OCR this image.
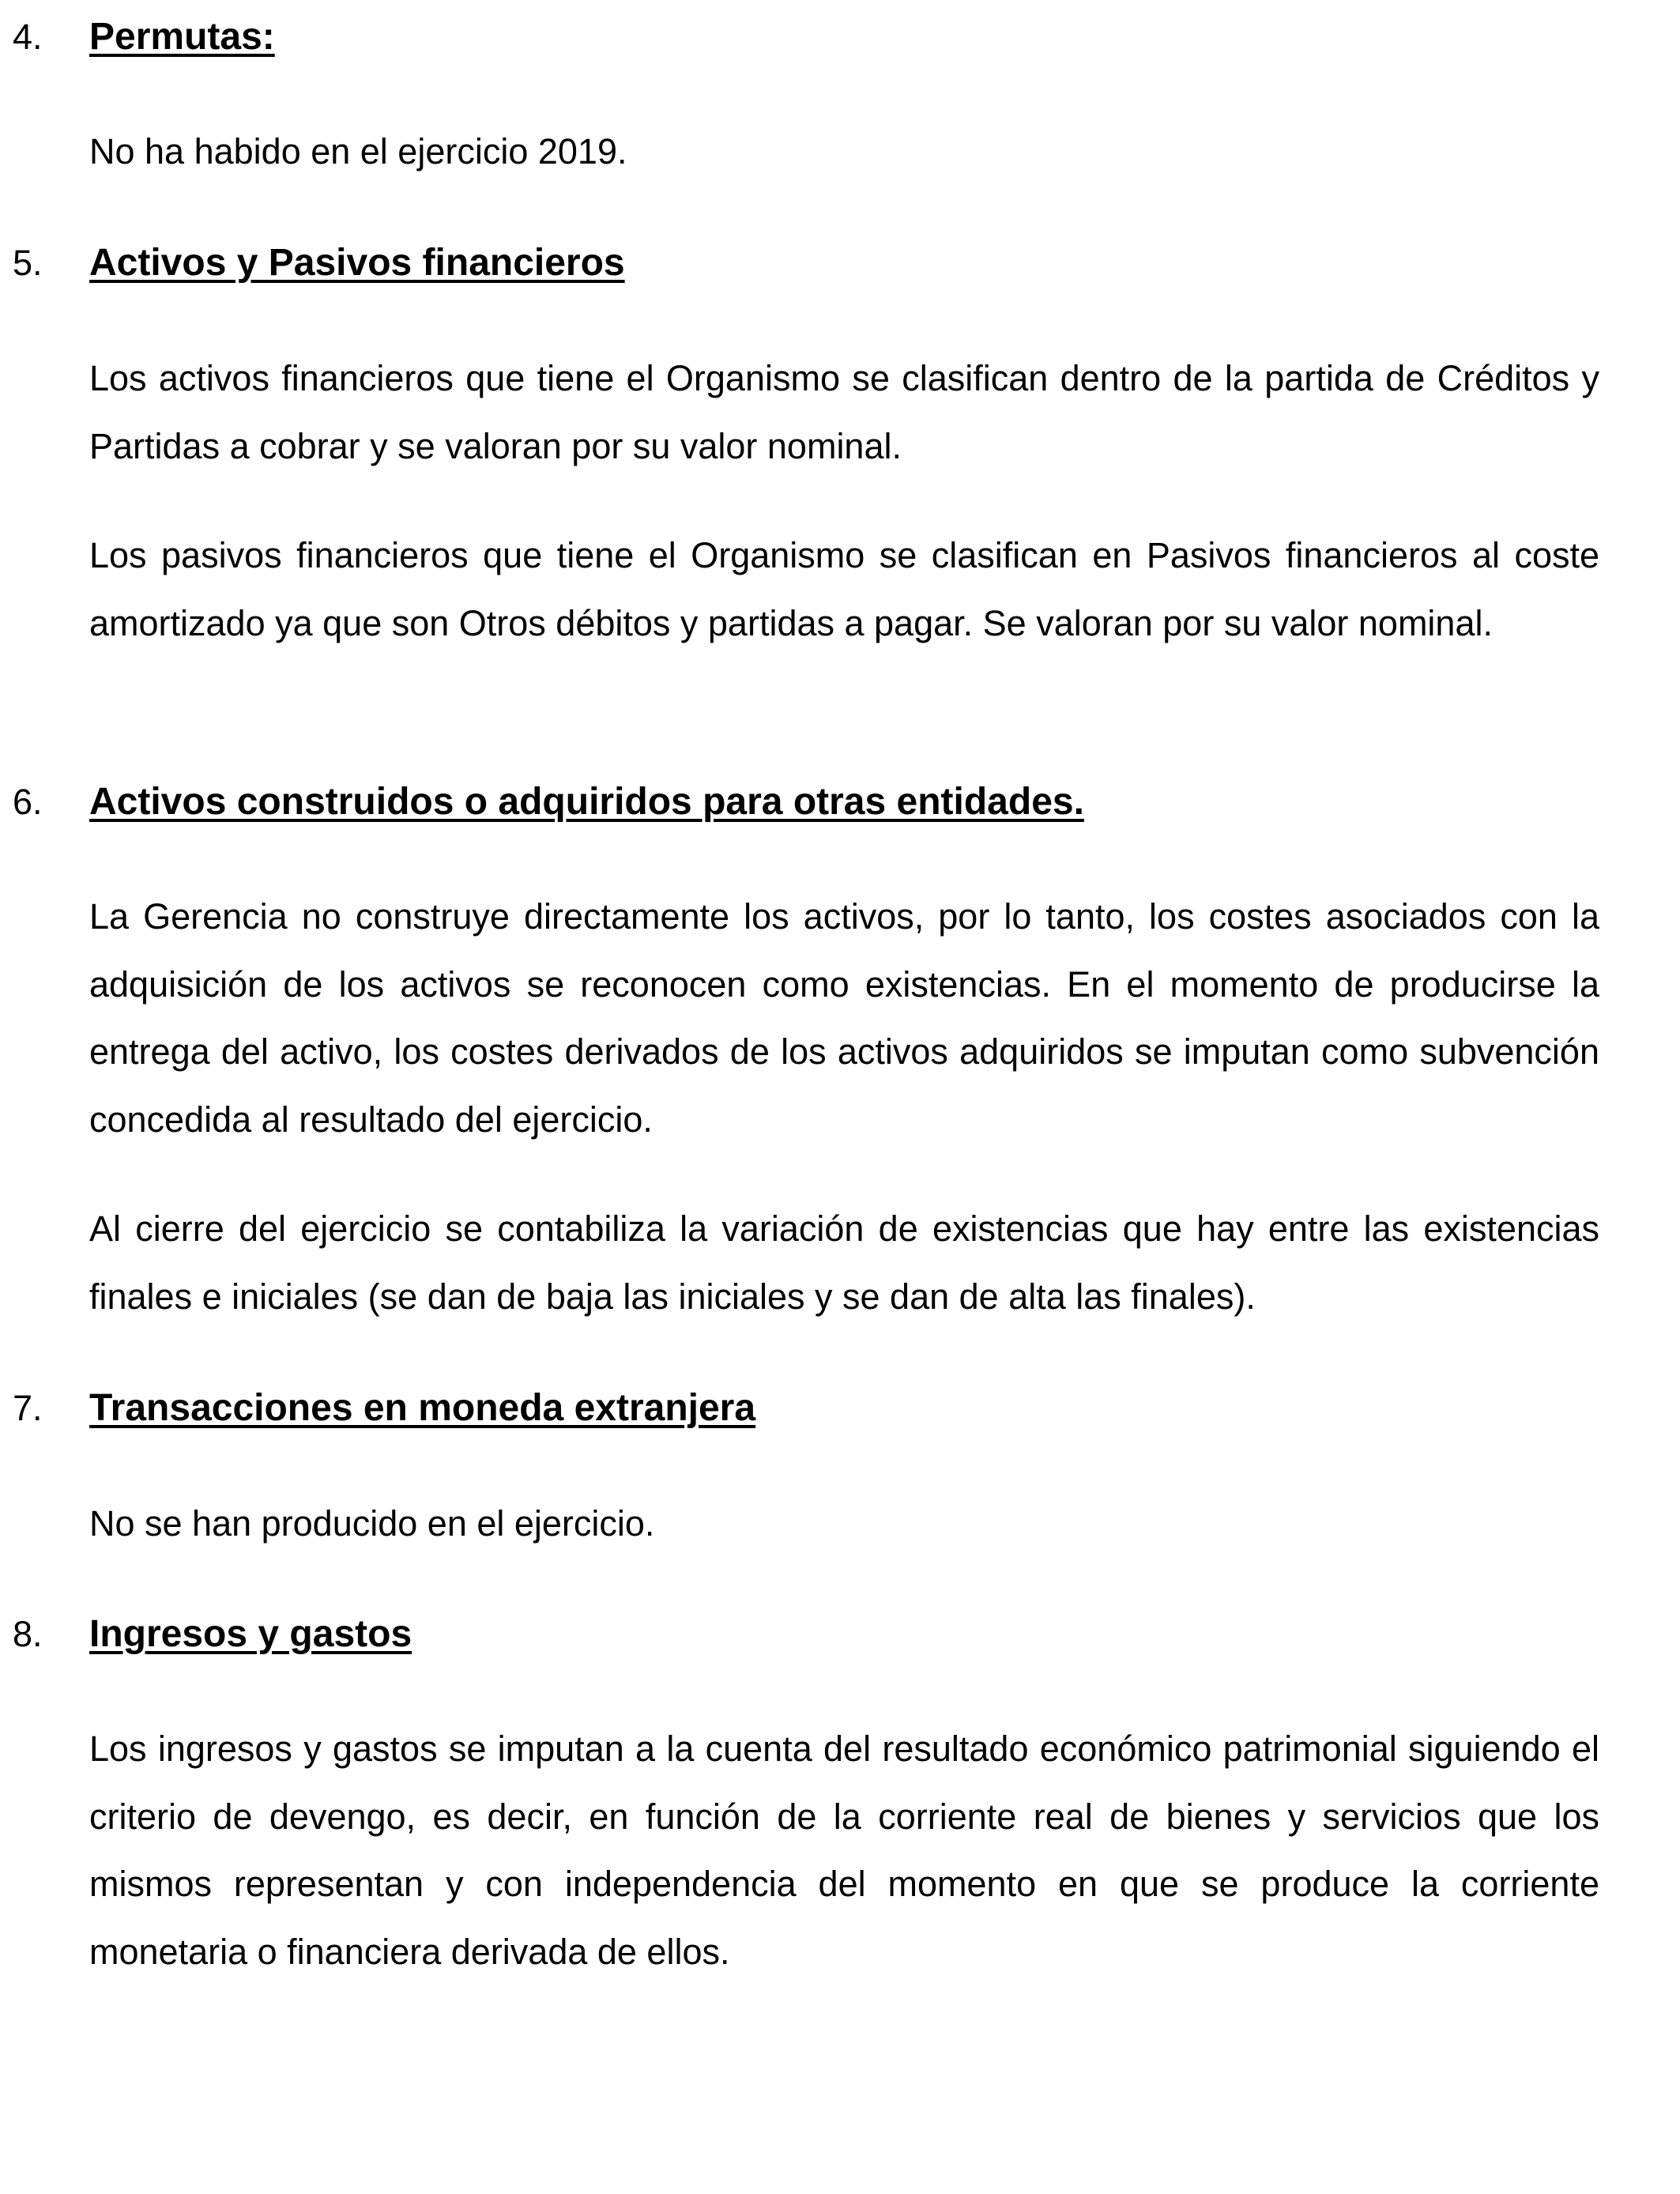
4. Permutas:

No ha habido en el ejercicio 2019.

5. Activos y Pasivos financieros

Los activos financieros que tiene el Organismo se clasifican dentro de la partida de Créditos y Partidas a cobrar y se valoran por su valor nominal.

Los pasivos financieros que tiene el Organismo se clasifican en Pasivos financieros al coste amortizado ya que son Otros débitos y partidas a pagar. Se valoran por su valor nominal.

6. Activos construidos o adquiridos para otras entidades.

La Gerencia no construye directamente los activos, por lo tanto, los costes asociados con la adquisición de los activos se reconocen como existencias. En el momento de producirse la entrega del activo, los costes derivados de los activos adquiridos se imputan como subvención concedida al resultado del ejercicio.

Al cierre del ejercicio se contabiliza la variación de existencias que hay entre las existencias finales e iniciales (se dan de baja las iniciales y se dan de alta las finales).

7. Transacciones en moneda extranjera

No se han producido en el ejercicio.

8. Ingresos y gastos

Los ingresos y gastos se imputan a la cuenta del resultado económico patrimonial siguiendo el criterio de devengo, es decir, en función de la corriente real de bienes y servicios que los mismos representan y con independencia del momento en que se produce la corriente monetaria o financiera derivada de ellos.
